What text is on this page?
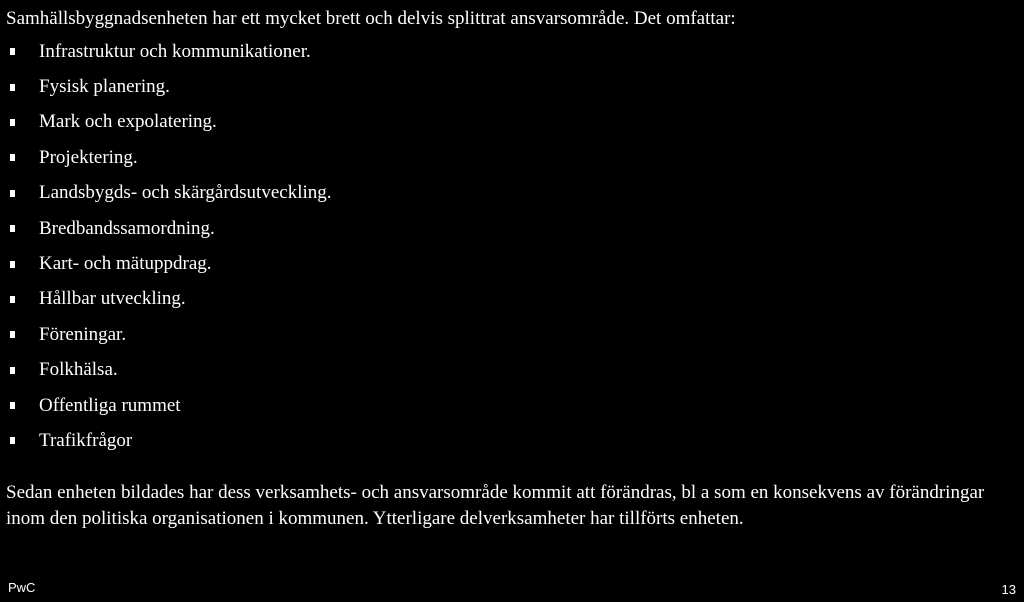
Samhällsbyggnadsenheten har ett mycket brett och delvis splittrat ansvarsområde. Det omfattar:

Infrastruktur och kommunikationer.
Fysisk planering.
Mark och expolatering.
Projektering.
Landsbygds- och skärgårdsutveckling.
Bredbandssamordning.
Kart- och mätuppdrag.
Hållbar utveckling.
Föreningar.
Folkhälsa.
Offentliga rummet
Trafikfrågor

Sedan enheten bildades har dess verksamhets- och ansvarsområde kommit att förändras, bl a som en konsekvens av förändringar inom den politiska organisationen i kommunen. Ytterligare delverksamheter har tillförts enheten.

PwC	13
